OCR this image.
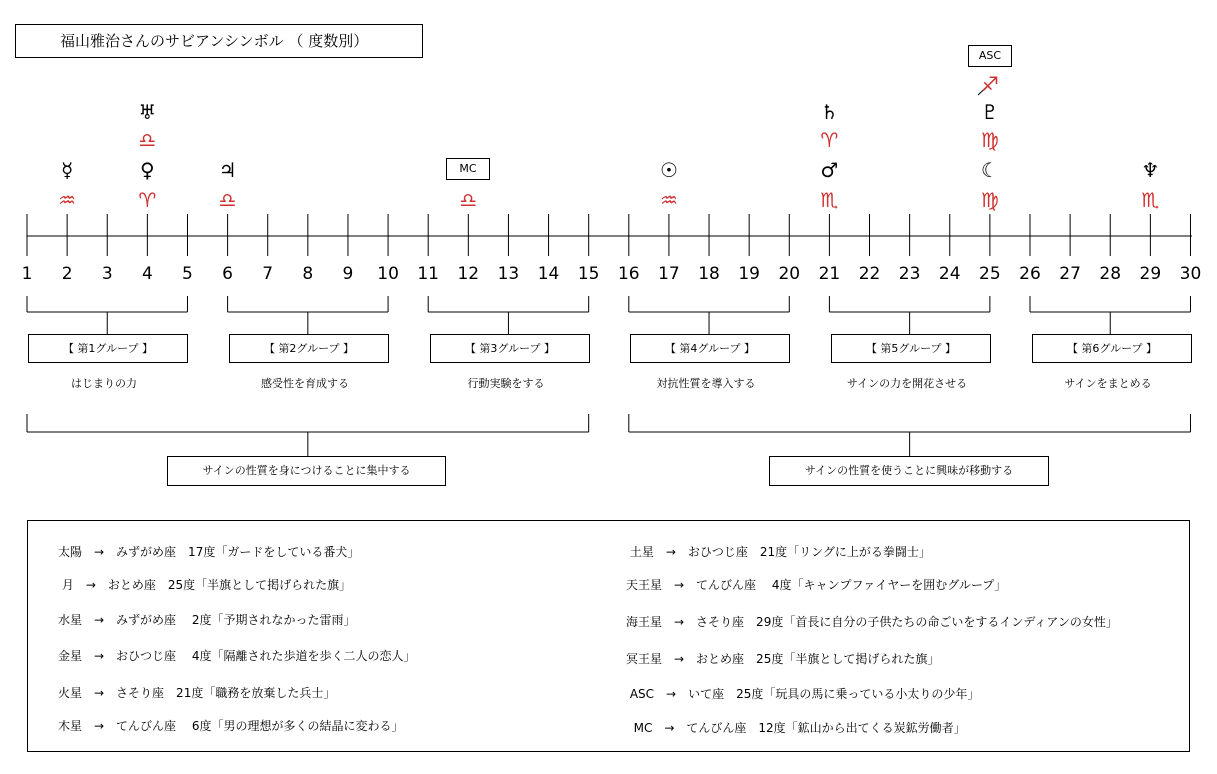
福山雅治さんのサビアンシンボル （ 度数別）
☿
♒
♅
♎
♀
♈
♃
♎	♎
☉
♒
♄
♈
♂
♏
♐
♇
♍
☾
♍
♆
♏
1	2	3	4	5	6	7	8	9	10 11 12 13 14 15 16 17 18 19 20 21 22 23 24 25 26 27 28 29 30
ASC
MC
【 第1グループ 】	【 第2グループ 】	【 第3グループ 】	【 第4グループ 】	【 第5グループ 】	【 第6グループ 】
はじまりの力	感受性を育成する	行動実験をする	対抗性質を導入する	サインの力を開花させる	サインをまとめる
サインの性質を身につけることに集中する	サインの性質を使うことに興味が移動する
太陽　→　みずがめ座　17度「ガードをしている番犬」
月　→　おとめ座　25度「半旗として掲げられた旗」
水星　→　みずがめ座　 2度「予期されなかった雷雨」
金星　→　おひつじ座　 4度「隔離された歩道を歩く二人の恋人」
火星　→　さそり座　21度「職務を放棄した兵士」
木星　→　てんびん座　 6度「男の理想が多くの結晶に変わる」
土星　→　おひつじ座　21度「リングに上がる拳闘士」
天王星　→　てんびん座　 4度「キャンプファイヤーを囲むグループ」
海王星　→　さそり座　29度「首長に自分の子供たちの命ごいをするインディアンの女性」
冥王星　→　おとめ座　25度「半旗として掲げられた旗」
ASC　→　いて座　25度「玩具の馬に乗っている小太りの少年」
MC　→　てんびん座　12度「鉱山から出てくる炭鉱労働者」
